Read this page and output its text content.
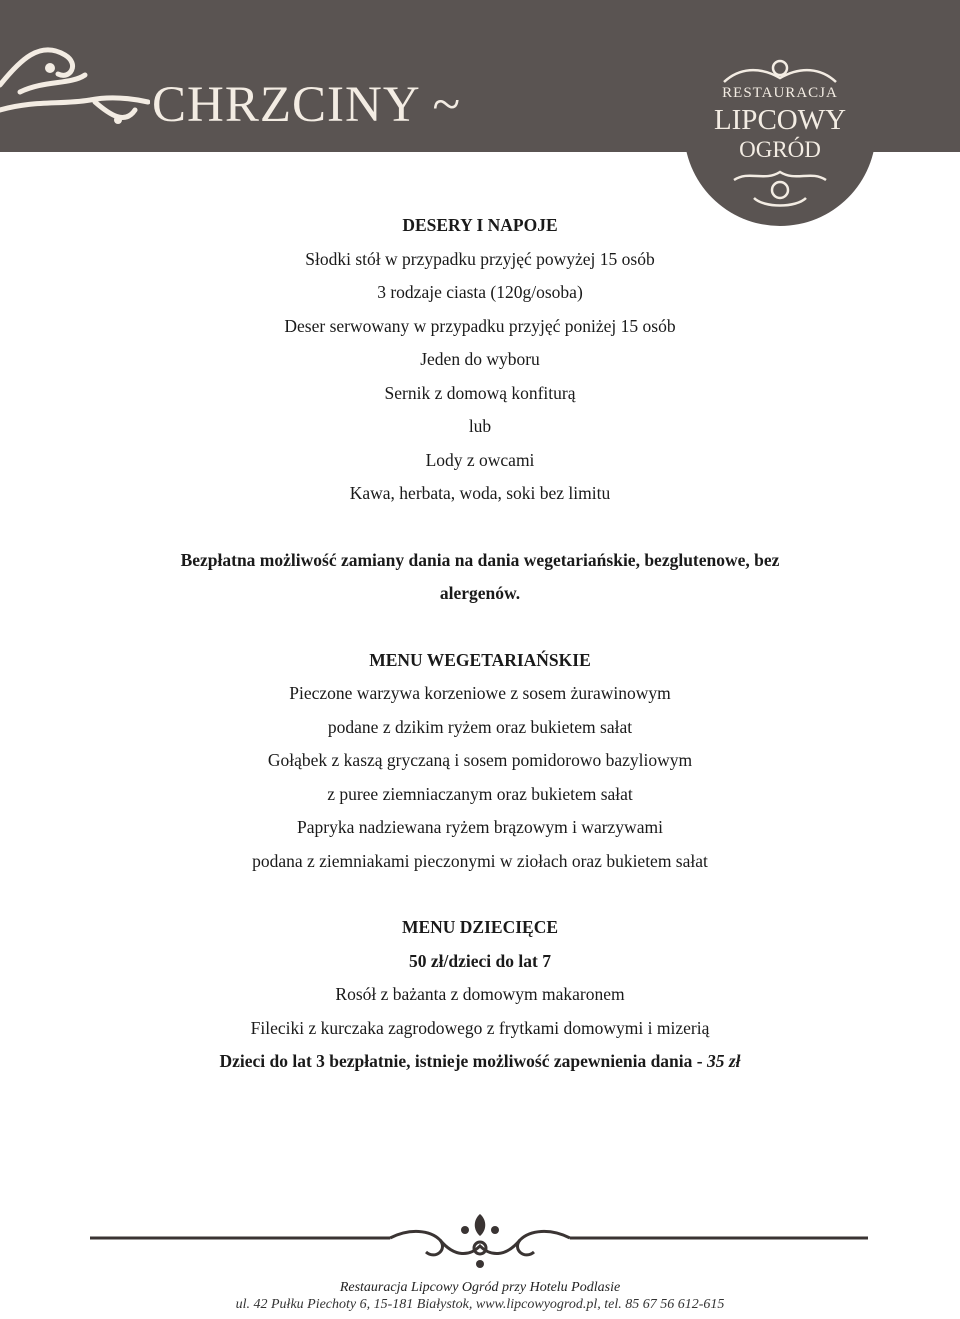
CHRZCINY ~	RESTAURACJA
LIPCOWY
OGRÓD
DESERY I NAPOJE
Słodki stół w przypadku przyjęć powyżej 15 osób
3 rodzaje ciasta (120g/osoba)
Deser serwowany w przypadku przyjęć poniżej 15 osób
Jeden do wyboru
Sernik z domową konfiturą
lub
Lody z owcami
Kawa, herbata, woda, soki bez limitu
Bezpłatna możliwość zamiany dania na dania wegetariańskie, bezglutenowe, bez
alergenów.
MENU WEGETARIAŃSKIE
Pieczone warzywa korzeniowe z sosem żurawinowym
podane z dzikim ryżem oraz bukietem sałat
Gołąbek z kaszą gryczaną i sosem pomidorowo bazyliowym
z puree ziemniaczanym oraz bukietem sałat
Papryka nadziewana ryżem brązowym i warzywami
podana z ziemniakami pieczonymi w ziołach oraz bukietem sałat
MENU DZIECIĘCE
50 zł/dzieci do lat 7
Rosół z bażanta z domowym makaronem
Fileciki z kurczaka zagrodowego z frytkami domowymi i mizerią
Dzieci do lat 3 bezpłatnie, istnieje możliwość zapewnienia dania - 35 zł
Restauracja Lipcowy Ogród przy Hotelu Podlasie
ul. 42 Pułku Piechoty 6, 15-181 Białystok, www.lipcowyogrod.pl, tel. 85 67 56 612-615
